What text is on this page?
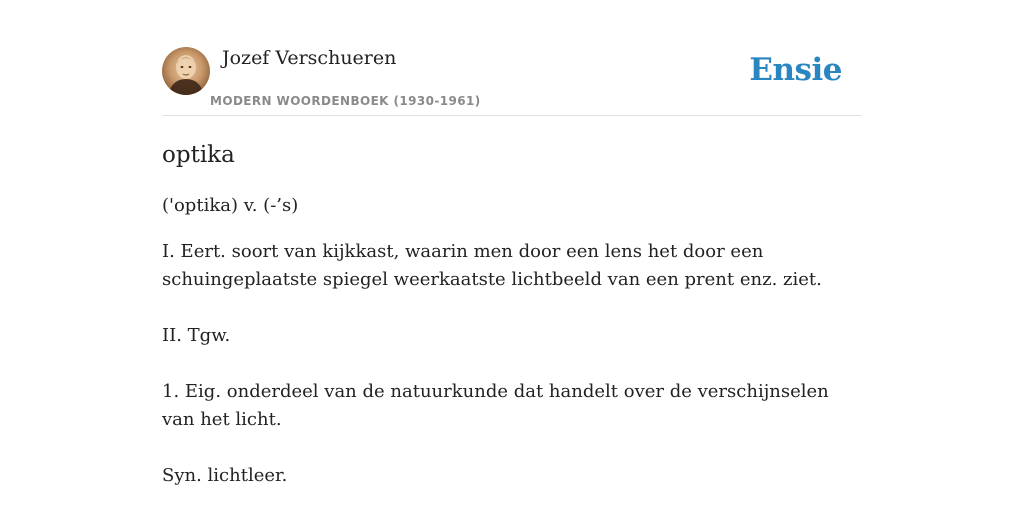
Jozef Verschueren
MODERN WOORDENBOEK (1930-1961)
Ensie
optika
('optika) v. (-’s)

I. Eert. soort van kijkkast, waarin men door een lens het door een schuingeplaatste spiegel weerkaatste lichtbeeld van een prent enz. ziet.

II. Tgw.

1. Eig. onderdeel van de natuurkunde dat handelt over de verschijnselen van het licht.

Syn. lichtleer.
